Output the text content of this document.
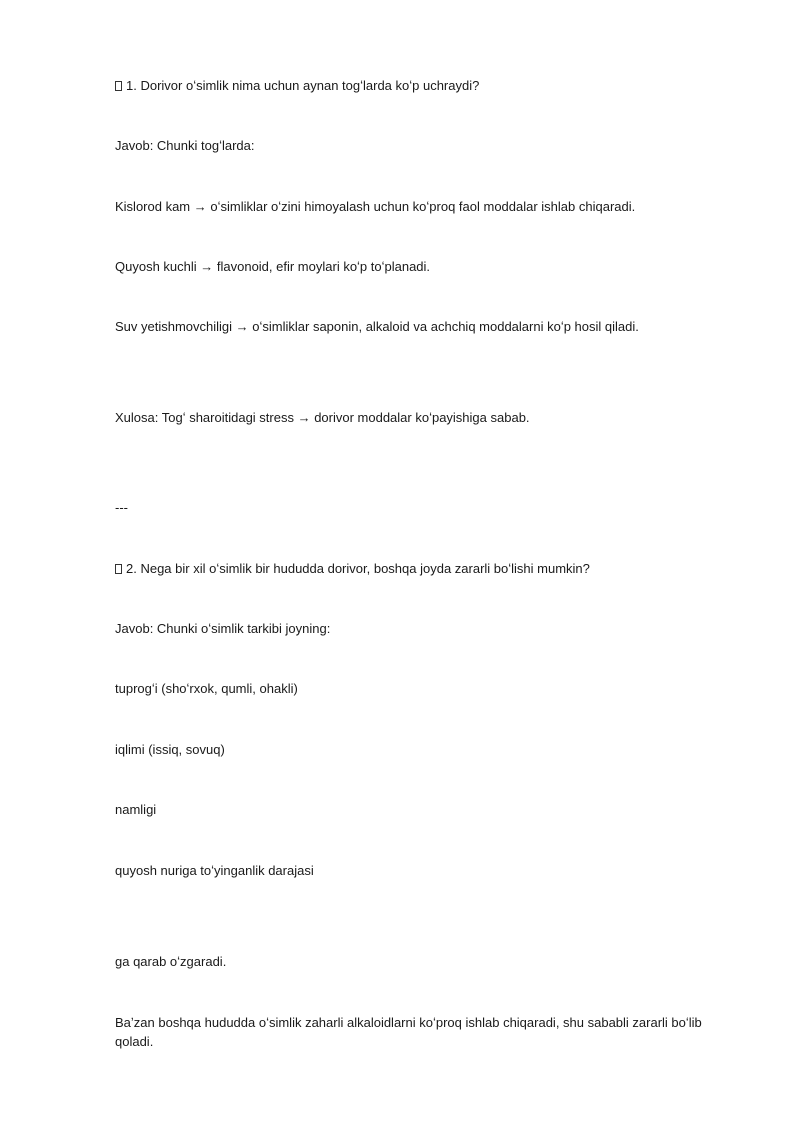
1. Dorivor oʻsimlik nima uchun aynan togʻlarda koʻp uchraydi?

Javob: Chunki togʻlarda:

Kislorod kam → oʻsimliklar oʻzini himoyalash uchun koʻproq faol moddalar ishlab chiqaradi.

Quyosh kuchli → flavonoid, efir moylari koʻp toʻplanadi.

Suv yetishmovchiligi → oʻsimliklar saponin, alkaloid va achchiq moddalarni koʻp hosil qiladi.

Xulosa: Togʻ sharoitidagi stress → dorivor moddalar koʻpayishiga sabab.

---

2. Nega bir xil oʻsimlik bir hududda dorivor, boshqa joyda zararli boʻlishi mumkin?

Javob: Chunki oʻsimlik tarkibi joyning:

tuprogʻi (shoʻrxok, qumli, ohakli)

iqlimi (issiq, sovuq)

namligi

quyosh nuriga toʻyinganlik darajasi

ga qarab oʻzgaradi.

Baʼzan boshqa hududda oʻsimlik zaharli alkaloidlarni koʻproq ishlab chiqaradi, shu sababli zararli boʻlib qoladi.
